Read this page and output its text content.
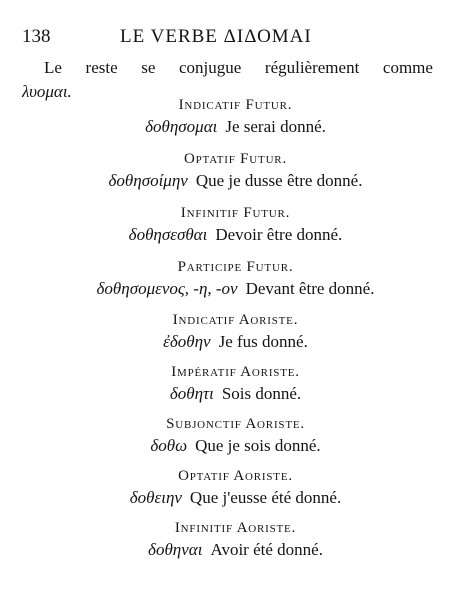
138	LE VERBE ΔΙΔΟΜΑΙ
Le reste se conjugue régulièrement comme
λυομαι.
Indicatif Futur.
δοθησομαι Je serai donné.
Optatif Futur.
δοθησοίμην Que je dusse être donné.
Infinitif Futur.
δοθησεσθαι Devoir être donné.
Participe Futur.
δοθησομενος, -η, -ον Devant être donné.
Indicatif Aoriste.
ἐδοθην Je fus donné.
Impératif Aoriste.
δοθητι Sois donné.
Subjonctif Aoriste.
δοθω Que je sois donné.
Optatif Aoriste.
δοθειην Que j'eusse été donné.
Infinitif Aoriste.
δοθηναι Avoir été donné.
